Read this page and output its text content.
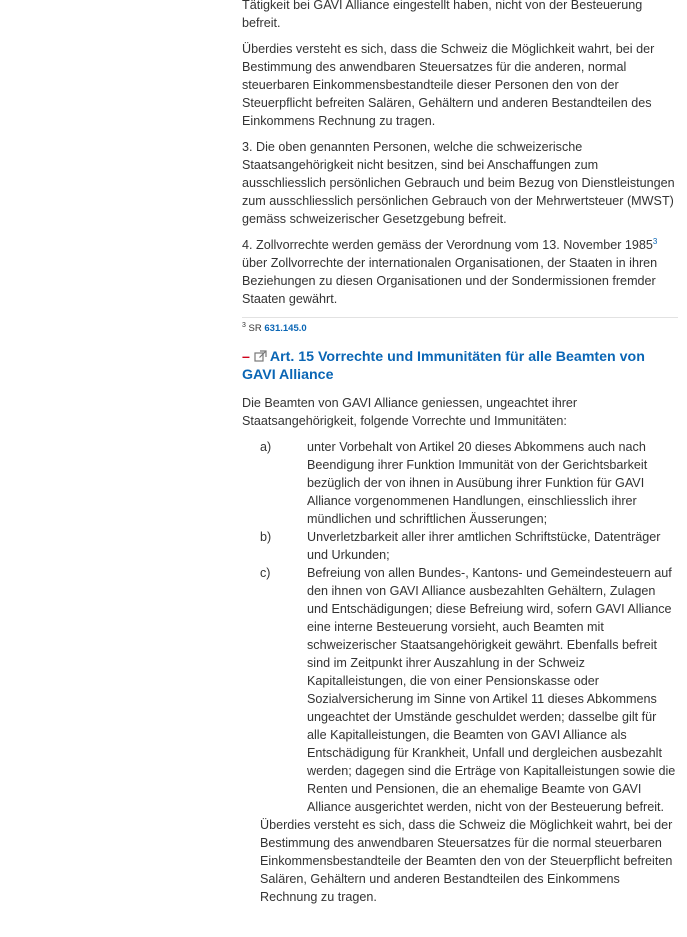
Tätigkeit bei GAVI Alliance eingestellt haben, nicht von der Besteuerung befreit.

Überdies versteht es sich, dass die Schweiz die Möglichkeit wahrt, bei der Bestimmung des anwendbaren Steuersatzes für die anderen, normal steuerbaren Einkommensbestandteile dieser Personen den von der Steuerpflicht befreiten Salären, Gehältern und anderen Bestandteilen des Einkommens Rechnung zu tragen.

3. Die oben genannten Personen, welche die schweizerische Staatsangehörigkeit nicht besitzen, sind bei Anschaffungen zum ausschliesslich persönlichen Gebrauch und beim Bezug von Dienstleistungen zum ausschliesslich persönlichen Gebrauch von der Mehrwertsteuer (MWST) gemäss schweizerischer Gesetzgebung befreit.

4. Zollvorrechte werden gemäss der Verordnung vom 13. November 1985$^3$ über Zollvorrechte der internationalen Organisationen, der Staaten in ihren Beziehungen zu diesen Organisationen und der Sondermissionen fremder Staaten gewährt.

$^3$ SR 631.145.0
– Art. 15 Vorrechte und Immunitäten für alle Beamten von GAVI Alliance

Die Beamten von GAVI Alliance geniessen, ungeachtet ihrer Staatsangehörigkeit, folgende Vorrechte und Immunitäten:

a)	unter Vorbehalt von Artikel 20 dieses Abkommens auch nach Beendigung ihrer Funktion Immunität von der Gerichtsbarkeit bezüglich der von ihnen in Ausübung ihrer Funktion für GAVI Alliance vorgenommenen Handlungen, einschliesslich ihrer mündlichen und schriftlichen Äusserungen;
b)	Unverletzbarkeit aller ihrer amtlichen Schriftstücke, Datenträger und Urkunden;
c)	Befreiung von allen Bundes-, Kantons- und Gemeindesteuern auf den ihnen von GAVI Alliance ausbezahlten Gehältern, Zulagen und Entschädigungen; diese Befreiung wird, sofern GAVI Alliance eine interne Besteuerung vorsieht, auch Beamten mit schweizerischer Staatsangehörigkeit gewährt. Ebenfalls befreit sind im Zeitpunkt ihrer Auszahlung in der Schweiz Kapitalleistungen, die von einer Pensionskasse oder Sozialversicherung im Sinne von Artikel 11 dieses Abkommens ungeachtet der Umstände geschuldet werden; dasselbe gilt für alle Kapitalleistungen, die Beamten von GAVI Alliance als Entschädigung für Krankheit, Unfall und dergleichen ausbezahlt werden; dagegen sind die Erträge von Kapitalleistungen sowie die Renten und Pensionen, die an ehemalige Beamte von GAVI Alliance ausgerichtet werden, nicht von der Besteuerung befreit.

Überdies versteht es sich, dass die Schweiz die Möglichkeit wahrt, bei der Bestimmung des anwendbaren Steuersatzes für die normal steuerbaren Einkommensbestandteile der Beamten den von der Steuerpflicht befreiten Salären, Gehältern und anderen Bestandteilen des Einkommens Rechnung zu tragen.
